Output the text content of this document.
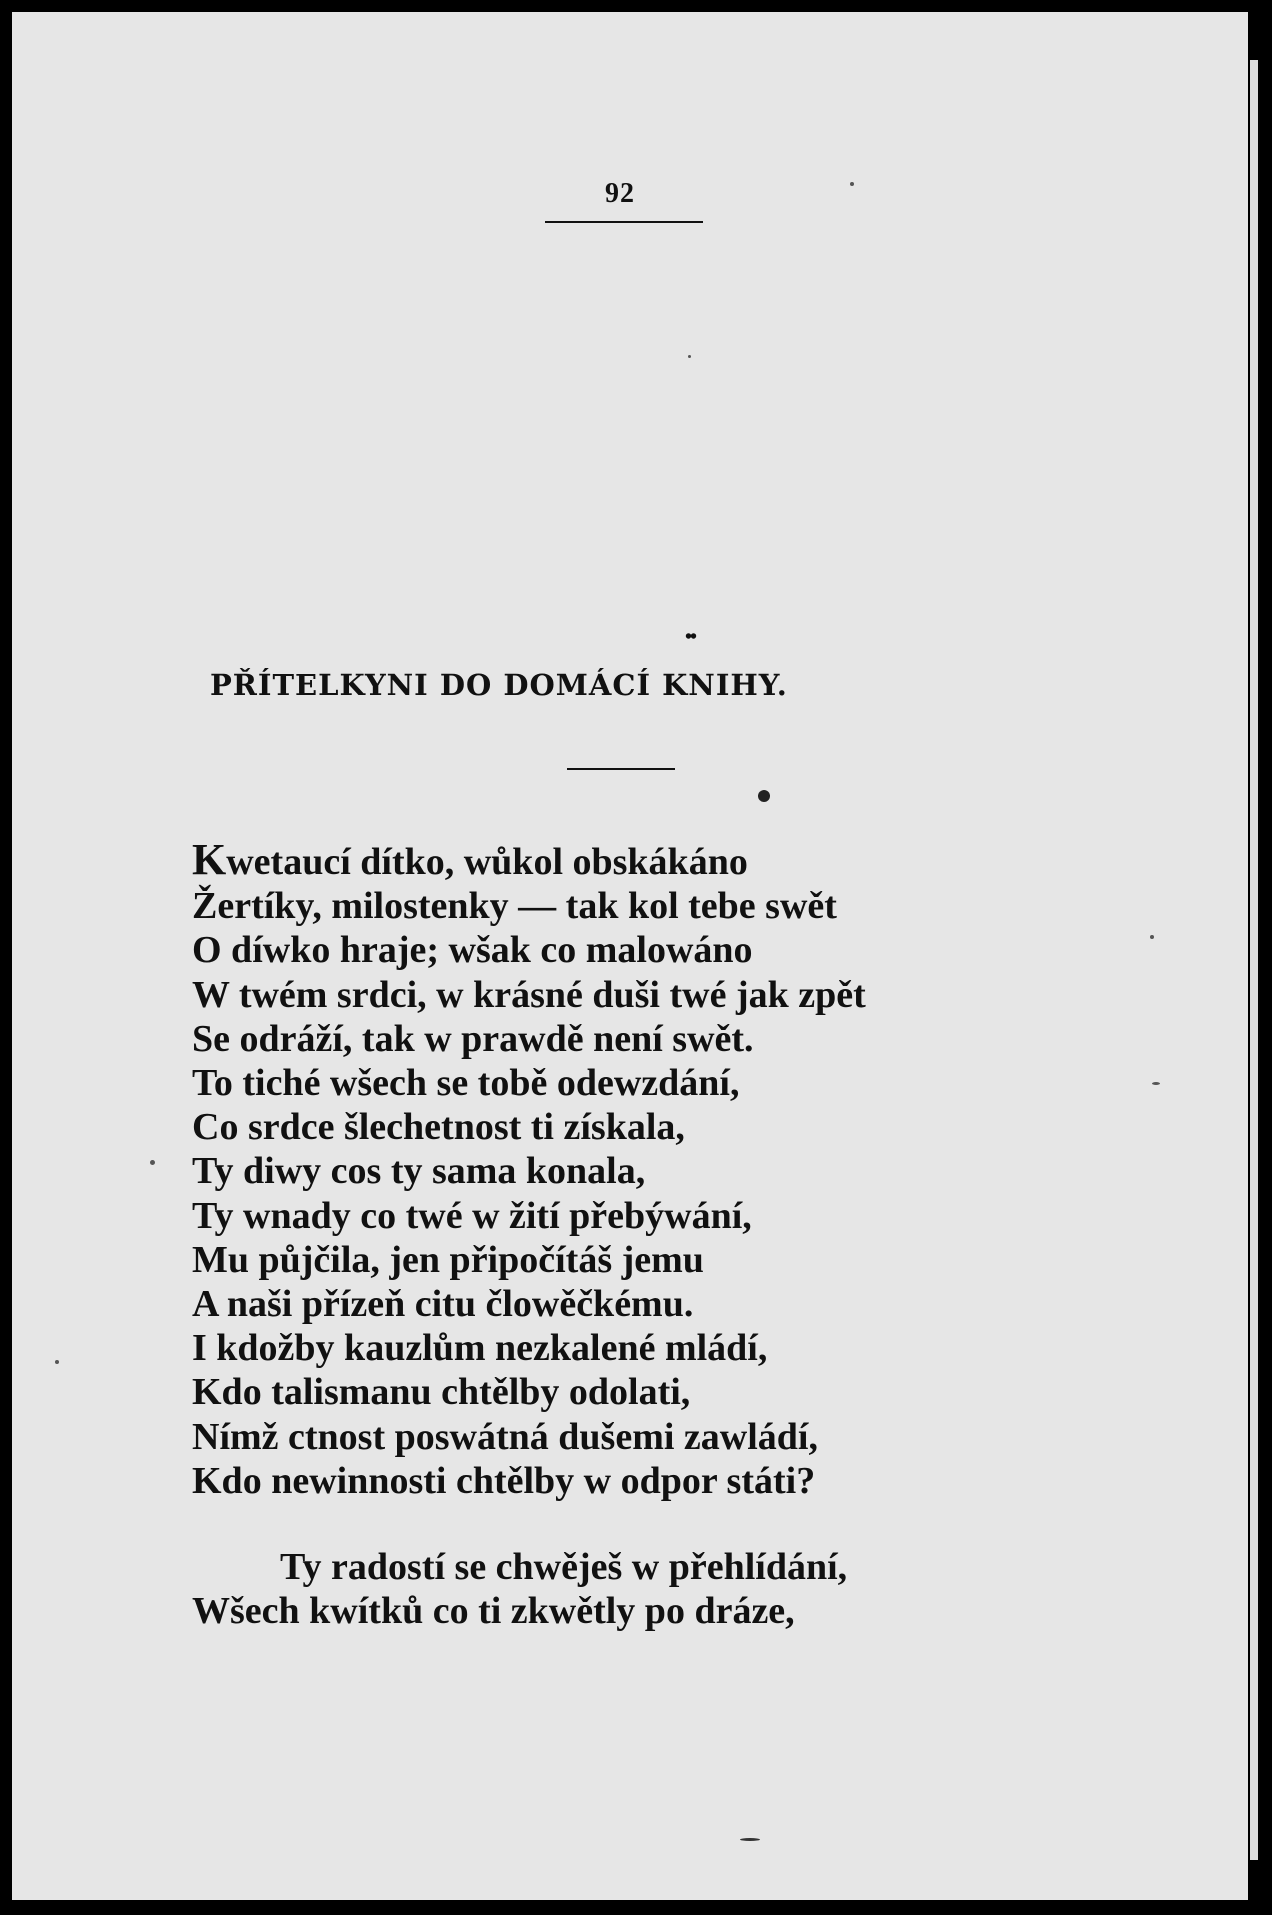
92
••
PŘÍTELKYNI DO DOMÁCÍ KNIHY.
Kwetaucí dítko, wůkol obskákáno
Žertíky, milostenky — tak kol tebe swět
O díwko hraje; wšak co malowáno
W twém srdci, w krásné duši twé jak zpět
Se odráží, tak w prawdě není swět.
To tiché wšech se tobě odewzdání,
Co srdce šlechetnost ti získala,
Ty diwy cos ty sama konala,
Ty wnady co twé w žití přebýwání,
Mu půjčila, jen připočítáš jemu
A naši přízeň citu člowěčkému.
I kdožby kauzlům nezkalené mládí,
Kdo talismanu chtělby odolati,
Nímž ctnost poswátná dušemi zawládí,
Kdo newinnosti chtělby w odpor státi?
Ty radostí se chwěješ w přehlídání,
Wšech kwítků co ti zkwětly po dráze,
